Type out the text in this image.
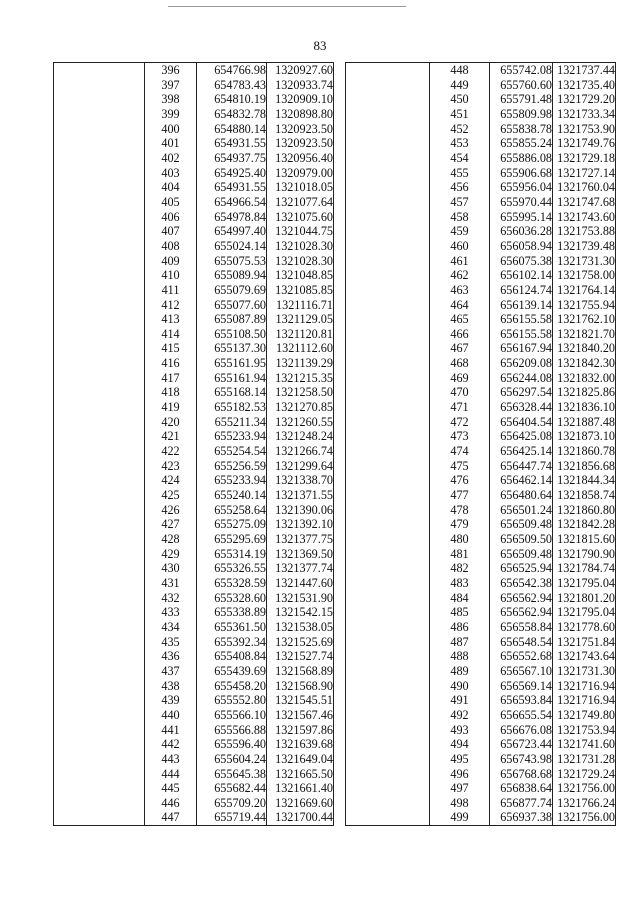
83
	396	654766.98	1320927.60
	397	654783.43	1320933.74
	398	654810.19	1320909.10
	399	654832.78	1320898.80
	400	654880.14	1320923.50
	401	654931.55	1320923.50
	402	654937.75	1320956.40
	403	654925.40	1320979.00
	404	654931.55	1321018.05
	405	654966.54	1321077.64
	406	654978.84	1321075.60
	407	654997.40	1321044.75
	408	655024.14	1321028.30
	409	655075.53	1321028.30
	410	655089.94	1321048.85
	411	655079.69	1321085.85
	412	655077.60	1321116.71
	413	655087.89	1321129.05
	414	655108.50	1321120.81
	415	655137.30	1321112.60
	416	655161.95	1321139.29
	417	655161.94	1321215.35
	418	655168.14	1321258.50
	419	655182.53	1321270.85
	420	655211.34	1321260.55
	421	655233.94	1321248.24
	422	655254.54	1321266.74
	423	655256.59	1321299.64
	424	655233.94	1321338.70
	425	655240.14	1321371.55
	426	655258.64	1321390.06
	427	655275.09	1321392.10
	428	655295.69	1321377.75
	429	655314.19	1321369.50
	430	655326.55	1321377.74
	431	655328.59	1321447.60
	432	655328.60	1321531.90
	433	655338.89	1321542.15
	434	655361.50	1321538.05
	435	655392.34	1321525.69
	436	655408.84	1321527.74
	437	655439.69	1321568.89
	438	655458.20	1321568.90
	439	655552.80	1321545.51
	440	655566.10	1321567.46
	441	655566.88	1321597.86
	442	655596.40	1321639.68
	443	655604.24	1321649.04
	444	655645.38	1321665.50
	445	655682.44	1321661.40
	446	655709.20	1321669.60
	447	655719.44	1321700.44
	448	655742.08	1321737.44
	449	655760.60	1321735.40
	450	655791.48	1321729.20
	451	655809.98	1321733.34
	452	655838.78	1321753.90
	453	655855.24	1321749.76
	454	655886.08	1321729.18
	455	655906.68	1321727.14
	456	655956.04	1321760.04
	457	655970.44	1321747.68
	458	655995.14	1321743.60
	459	656036.28	1321753.88
	460	656058.94	1321739.48
	461	656075.38	1321731.30
	462	656102.14	1321758.00
	463	656124.74	1321764.14
	464	656139.14	1321755.94
	465	656155.58	1321762.10
	466	656155.58	1321821.70
	467	656167.94	1321840.20
	468	656209.08	1321842.30
	469	656244.08	1321832.00
	470	656297.54	1321825.86
	471	656328.44	1321836.10
	472	656404.54	1321887.48
	473	656425.08	1321873.10
	474	656425.14	1321860.78
	475	656447.74	1321856.68
	476	656462.14	1321844.34
	477	656480.64	1321858.74
	478	656501.24	1321860.80
	479	656509.48	1321842.28
	480	656509.50	1321815.60
	481	656509.48	1321790.90
	482	656525.94	1321784.74
	483	656542.38	1321795.04
	484	656562.94	1321801.20
	485	656562.94	1321795.04
	486	656558.84	1321778.60
	487	656548.54	1321751.84
	488	656552.68	1321743.64
	489	656567.10	1321731.30
	490	656569.14	1321716.94
	491	656593.84	1321716.94
	492	656655.54	1321749.80
	493	656676.08	1321753.94
	494	656723.44	1321741.60
	495	656743.98	1321731.28
	496	656768.68	1321729.24
	497	656838.64	1321756.00
	498	656877.74	1321766.24
	499	656937.38	1321756.00
